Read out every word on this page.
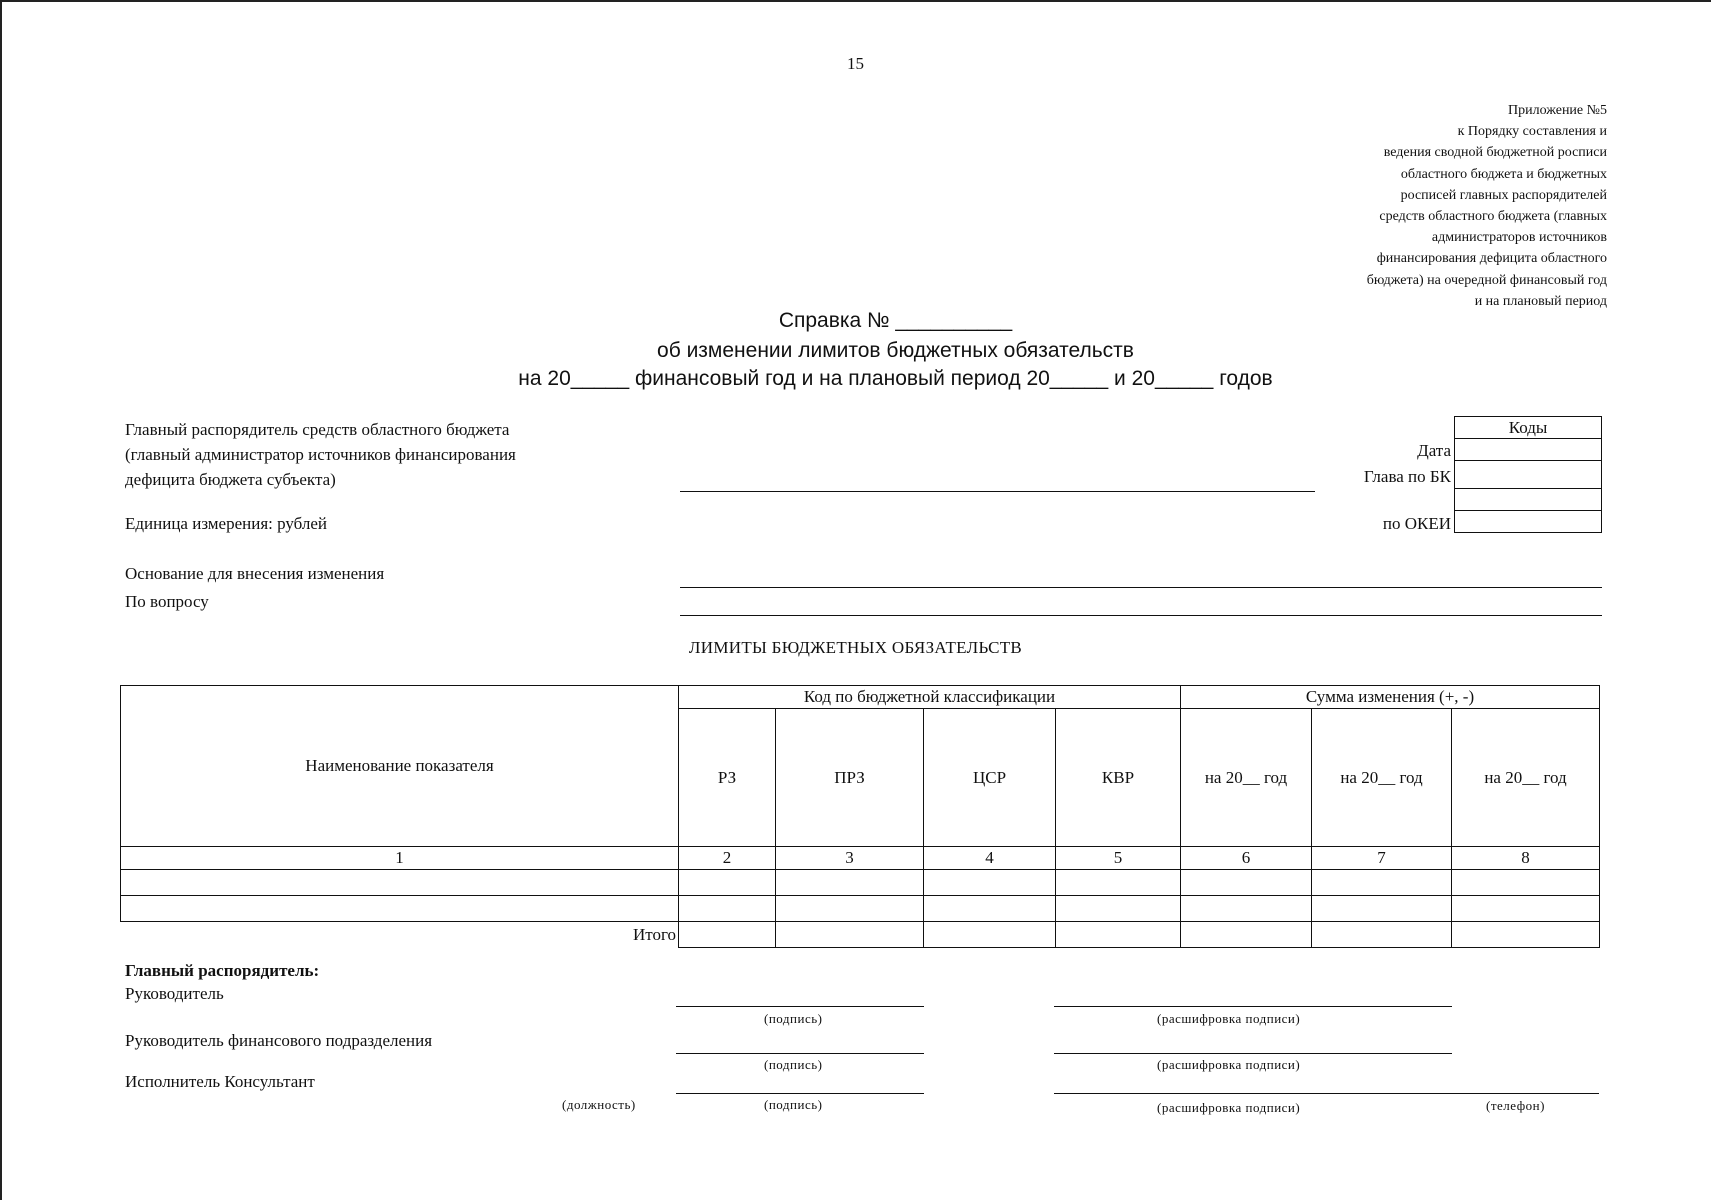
15
Приложение №5
к Порядку составления и
ведения сводной бюджетной росписи
областного бюджета и бюджетных
росписей главных распорядителей
средств областного бюджета (главных
администраторов источников
финансирования дефицита областного
бюджета) на очередной финансовый год
и на плановый период
Справка № __________
об изменении лимитов бюджетных обязательств
на 20_____ финансовый год и на плановый период 20_____ и 20_____ годов
Главный распорядитель средств областного бюджета
(главный администратор источников финансирования
дефицита бюджета субъекта)
Единица измерения: рублей
Коды

Дата
Глава по БК
по ОКЕИ
Основание для внесения изменения
По вопросу
ЛИМИТЫ БЮДЖЕТНЫХ ОБЯЗАТЕЛЬСТВ
Наименование показателя	Код по бюджетной классификации				Сумма изменения (+, -)		
	РЗ	ПРЗ	ЦСР	КВР	на 20__ год	на 20__ год	на 20__ год
1	2	3	4	5	6	7	8

Итого							
Главный распорядитель:
Руководитель
(подпись)	(расшифровка подписи)
Руководитель финансового подразделения
(подпись)	(расшифровка подписи)
Исполнитель Консультант
(должность)	(подпись)	(расшифровка подписи)	(телефон)
